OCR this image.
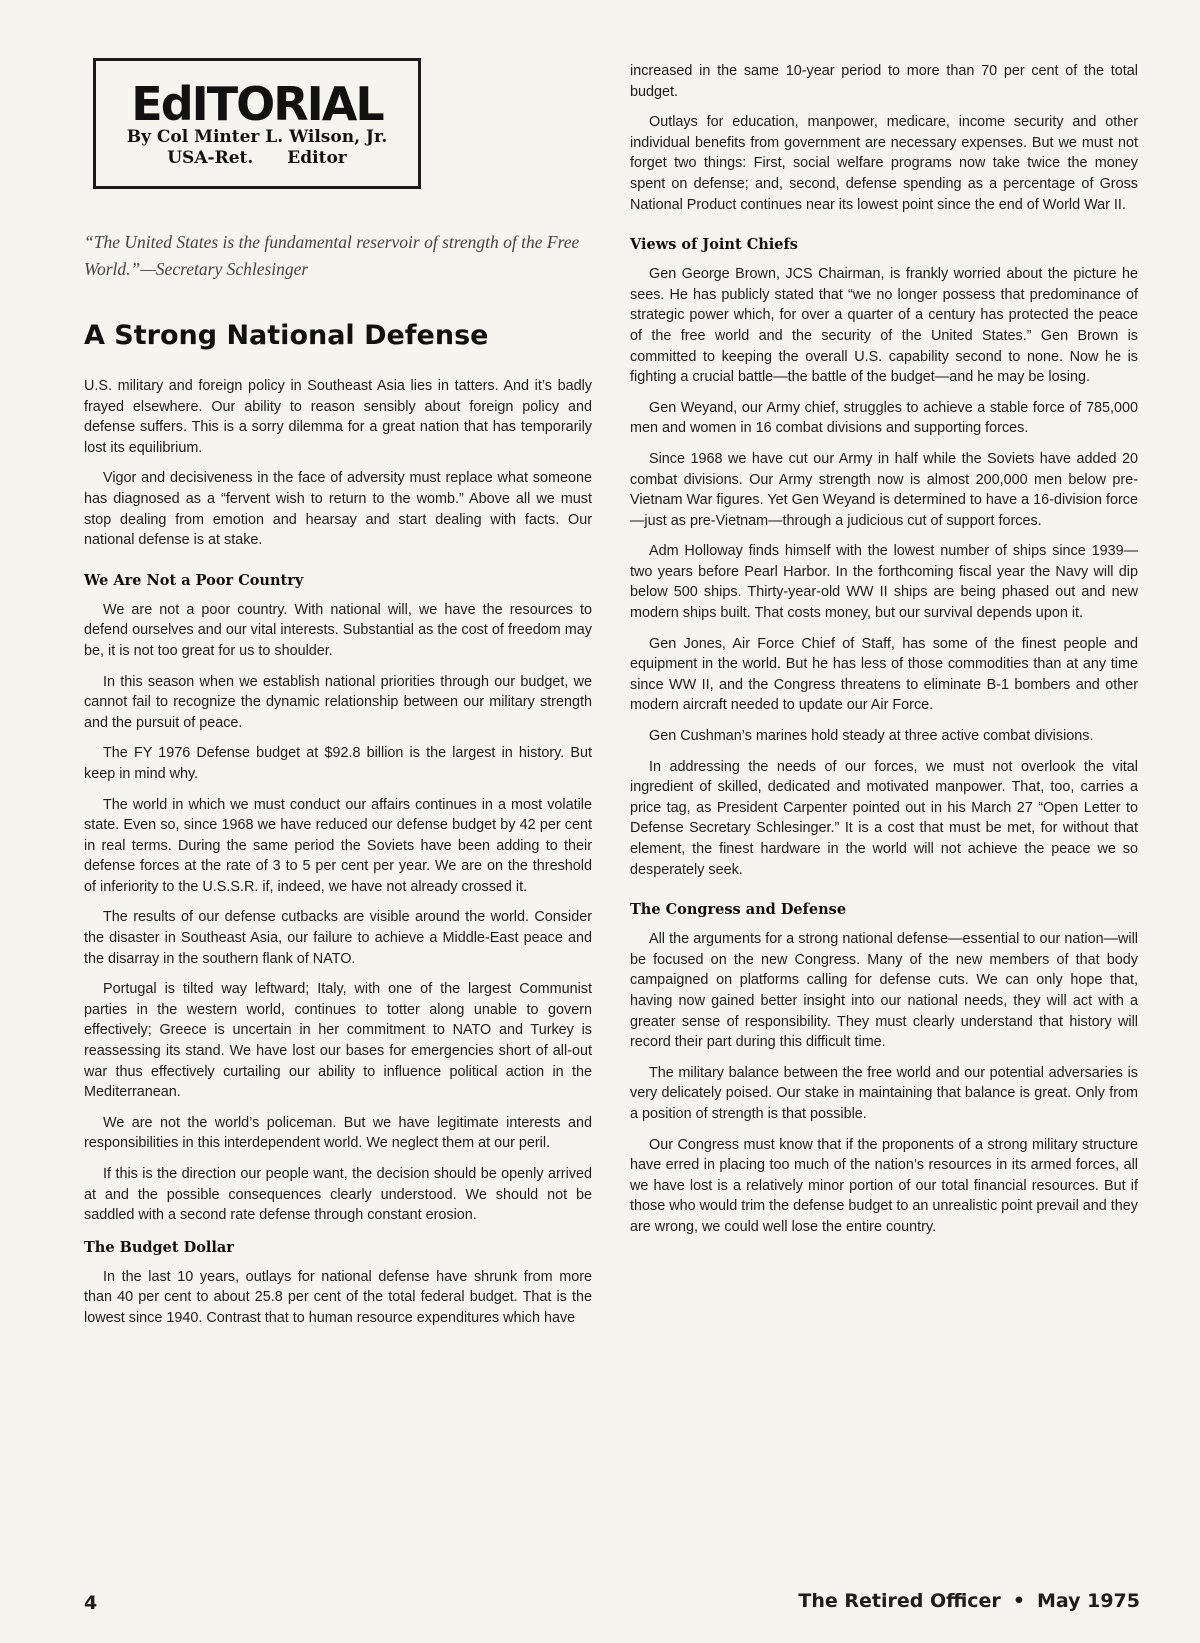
EdITORIAL
By Col Minter L. Wilson, Jr.
USA-Ret. Editor
“The United States is the fundamental reservoir of strength of the Free World.”—Secretary Schlesinger
A Strong National Defense

U.S. military and foreign policy in Southeast Asia lies in tatters. And it’s badly frayed elsewhere. Our ability to reason sensibly about foreign policy and defense suffers. This is a sorry dilemma for a great nation that has temporarily lost its equilibrium.

Vigor and decisiveness in the face of adversity must replace what someone has diagnosed as a “fervent wish to return to the womb.” Above all we must stop dealing from emotion and hearsay and start dealing with facts. Our national defense is at stake.

We Are Not a Poor Country

We are not a poor country. With national will, we have the resources to defend ourselves and our vital interests. Substantial as the cost of freedom may be, it is not too great for us to shoulder.

In this season when we establish national priorities through our budget, we cannot fail to recognize the dynamic relationship between our military strength and the pursuit of peace.

The FY 1976 Defense budget at $92.8 billion is the largest in history. But keep in mind why.

The world in which we must conduct our affairs continues in a most volatile state. Even so, since 1968 we have reduced our defense budget by 42 per cent in real terms. During the same period the Soviets have been adding to their defense forces at the rate of 3 to 5 per cent per year. We are on the threshold of inferiority to the U.S.S.R. if, indeed, we have not already crossed it.

The results of our defense cutbacks are visible around the world. Consider the disaster in Southeast Asia, our failure to achieve a Middle-East peace and the disarray in the southern flank of NATO.

Portugal is tilted way leftward; Italy, with one of the largest Communist parties in the western world, continues to totter along unable to govern effectively; Greece is uncertain in her commitment to NATO and Turkey is reassessing its stand. We have lost our bases for emergencies short of all-out war thus effectively curtailing our ability to influence political action in the Mediterranean.

We are not the world’s policeman. But we have legitimate interests and responsibilities in this interdependent world. We neglect them at our peril.

If this is the direction our people want, the decision should be openly arrived at and the possible consequences clearly understood. We should not be saddled with a second rate defense through constant erosion.

The Budget Dollar

In the last 10 years, outlays for national defense have shrunk from more than 40 per cent to about 25.8 per cent of the total federal budget. That is the lowest since 1940. Contrast that to human resource expenditures which have

increased in the same 10-year period to more than 70 per cent of the total budget.

Outlays for education, manpower, medicare, income security and other individual benefits from government are necessary expenses. But we must not forget two things: First, social welfare programs now take twice the money spent on defense; and, second, defense spending as a percentage of Gross National Product continues near its lowest point since the end of World War II.

Views of Joint Chiefs

Gen George Brown, JCS Chairman, is frankly worried about the picture he sees. He has publicly stated that “we no longer possess that predominance of strategic power which, for over a quarter of a century has protected the peace of the free world and the security of the United States.” Gen Brown is committed to keeping the overall U.S. capability second to none. Now he is fighting a crucial battle—the battle of the budget—and he may be losing.

Gen Weyand, our Army chief, struggles to achieve a stable force of 785,000 men and women in 16 combat divisions and supporting forces.

Since 1968 we have cut our Army in half while the Soviets have added 20 combat divisions. Our Army strength now is almost 200,000 men below pre-Vietnam War figures. Yet Gen Weyand is determined to have a 16-division force—just as pre-Vietnam—through a judicious cut of support forces.

Adm Holloway finds himself with the lowest number of ships since 1939—two years before Pearl Harbor. In the forthcoming fiscal year the Navy will dip below 500 ships. Thirty-year-old WW II ships are being phased out and new modern ships built. That costs money, but our survival depends upon it.

Gen Jones, Air Force Chief of Staff, has some of the finest people and equipment in the world. But he has less of those commodities than at any time since WW II, and the Congress threatens to eliminate B-1 bombers and other modern aircraft needed to update our Air Force.

Gen Cushman’s marines hold steady at three active combat divisions.

In addressing the needs of our forces, we must not overlook the vital ingredient of skilled, dedicated and motivated manpower. That, too, carries a price tag, as President Carpenter pointed out in his March 27 “Open Letter to Defense Secretary Schlesinger.” It is a cost that must be met, for without that element, the finest hardware in the world will not achieve the peace we so desperately seek.

The Congress and Defense

All the arguments for a strong national defense—essential to our nation—will be focused on the new Congress. Many of the new members of that body campaigned on platforms calling for defense cuts. We can only hope that, having now gained better insight into our national needs, they will act with a greater sense of responsibility. They must clearly understand that history will record their part during this difficult time.

The military balance between the free world and our potential adversaries is very delicately poised. Our stake in maintaining that balance is great. Only from a position of strength is that possible.

Our Congress must know that if the proponents of a strong military structure have erred in placing too much of the nation’s resources in its armed forces, all we have lost is a relatively minor portion of our total financial resources. But if those who would trim the defense budget to an unrealistic point prevail and they are wrong, we could well lose the entire country.

4	The Retired Officer • May 1975
